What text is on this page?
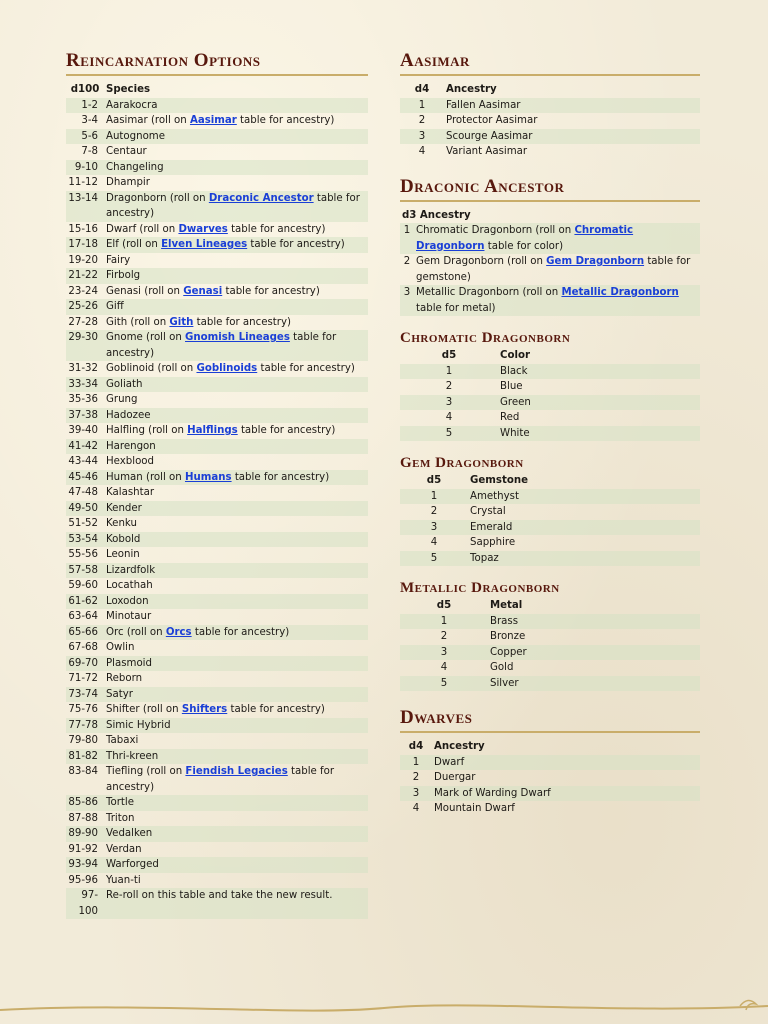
Reincarnation Options
d100	Species
1-2	Aarakocra
3-4	Aasimar (roll on Aasimar table for ancestry)
5-6	Autognome
7-8	Centaur
9-10	Changeling
11-12	Dhampir
13-14	Dragonborn (roll on Draconic Ancestor table for ancestry)
15-16	Dwarf (roll on Dwarves table for ancestry)
17-18	Elf (roll on Elven Lineages table for ancestry)
19-20	Fairy
21-22	Firbolg
23-24	Genasi (roll on Genasi table for ancestry)
25-26	Giff
27-28	Gith (roll on Gith table for ancestry)
29-30	Gnome (roll on Gnomish Lineages table for ancestry)
31-32	Goblinoid (roll on Goblinoids table for ancestry)
33-34	Goliath
35-36	Grung
37-38	Hadozee
39-40	Halfling (roll on Halflings table for ancestry)
41-42	Harengon
43-44	Hexblood
45-46	Human (roll on Humans table for ancestry)
47-48	Kalashtar
49-50	Kender
51-52	Kenku
53-54	Kobold
55-56	Leonin
57-58	Lizardfolk
59-60	Locathah
61-62	Loxodon
63-64	Minotaur
65-66	Orc (roll on Orcs table for ancestry)
67-68	Owlin
69-70	Plasmoid
71-72	Reborn
73-74	Satyr
75-76	Shifter (roll on Shifters table for ancestry)
77-78	Simic Hybrid
79-80	Tabaxi
81-82	Thri-kreen
83-84	Tiefling (roll on Fiendish Legacies table for ancestry)
85-86	Tortle
87-88	Triton
89-90	Vedalken
91-92	Verdan
93-94	Warforged
95-96	Yuan-ti
97-100	Re-roll on this table and take the new result.
Aasimar
d4	Ancestry
1	Fallen Aasimar
2	Protector Aasimar
3	Scourge Aasimar
4	Variant Aasimar
Draconic Ancestor
d3 Ancestry	
1	Chromatic Dragonborn (roll on Chromatic Dragonborn table for color)
2	Gem Dragonborn (roll on Gem Dragonborn table for gemstone)
3	Metallic Dragonborn (roll on Metallic Dragonborn table for metal)
Chromatic Dragonborn
d5	Color
1	Black
2	Blue
3	Green
4	Red
5	White
Gem Dragonborn
d5	Gemstone
1	Amethyst
2	Crystal
3	Emerald
4	Sapphire
5	Topaz
Metallic Dragonborn
d5	Metal
1	Brass
2	Bronze
3	Copper
4	Gold
5	Silver
Dwarves
d4	Ancestry
1	Dwarf
2	Duergar
3	Mark of Warding Dwarf
4	Mountain Dwarf
